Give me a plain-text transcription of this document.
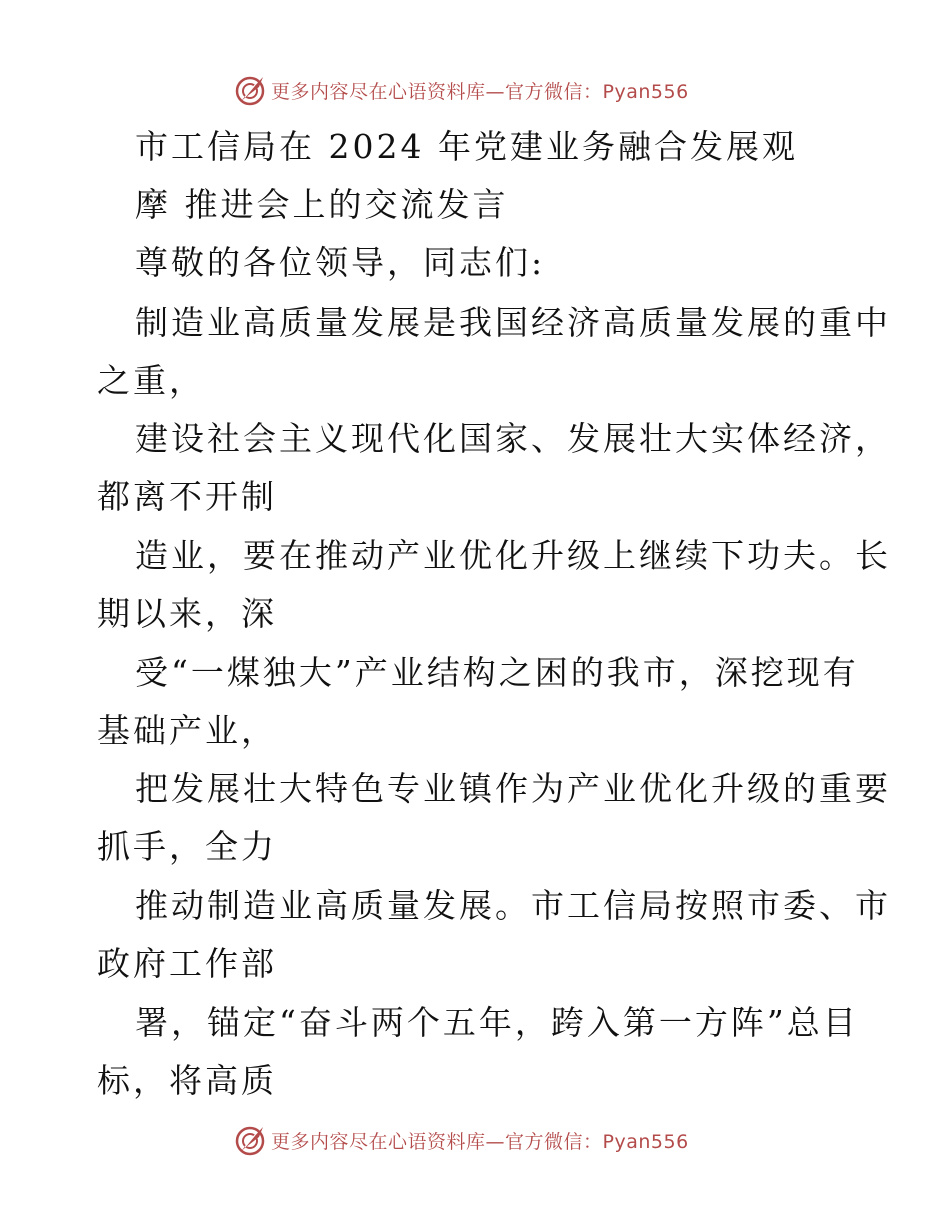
更多内容尽在心语资料库—官方微信：Pyan556
市工信局在 2024 年党建业务融合发展观
摩 推进会上的交流发言
尊敬的各位领导，同志们:
制造业高质量发展是我国经济高质量发展的重中
之重，
建设社会主义现代化国家、发展壮大实体经济，
都离不开制
造业，要在推动产业优化升级上继续下功夫。长
期以来，深
受“一煤独大”产业结构之困的我市，深挖现有
基础产业，
把发展壮大特色专业镇作为产业优化升级的重要
抓手，全力
推动制造业高质量发展。市工信局按照市委、市
政府工作部
署，锚定“奋斗两个五年，跨入第一方阵”总目
标，将高质
更多内容尽在心语资料库—官方微信：Pyan556
